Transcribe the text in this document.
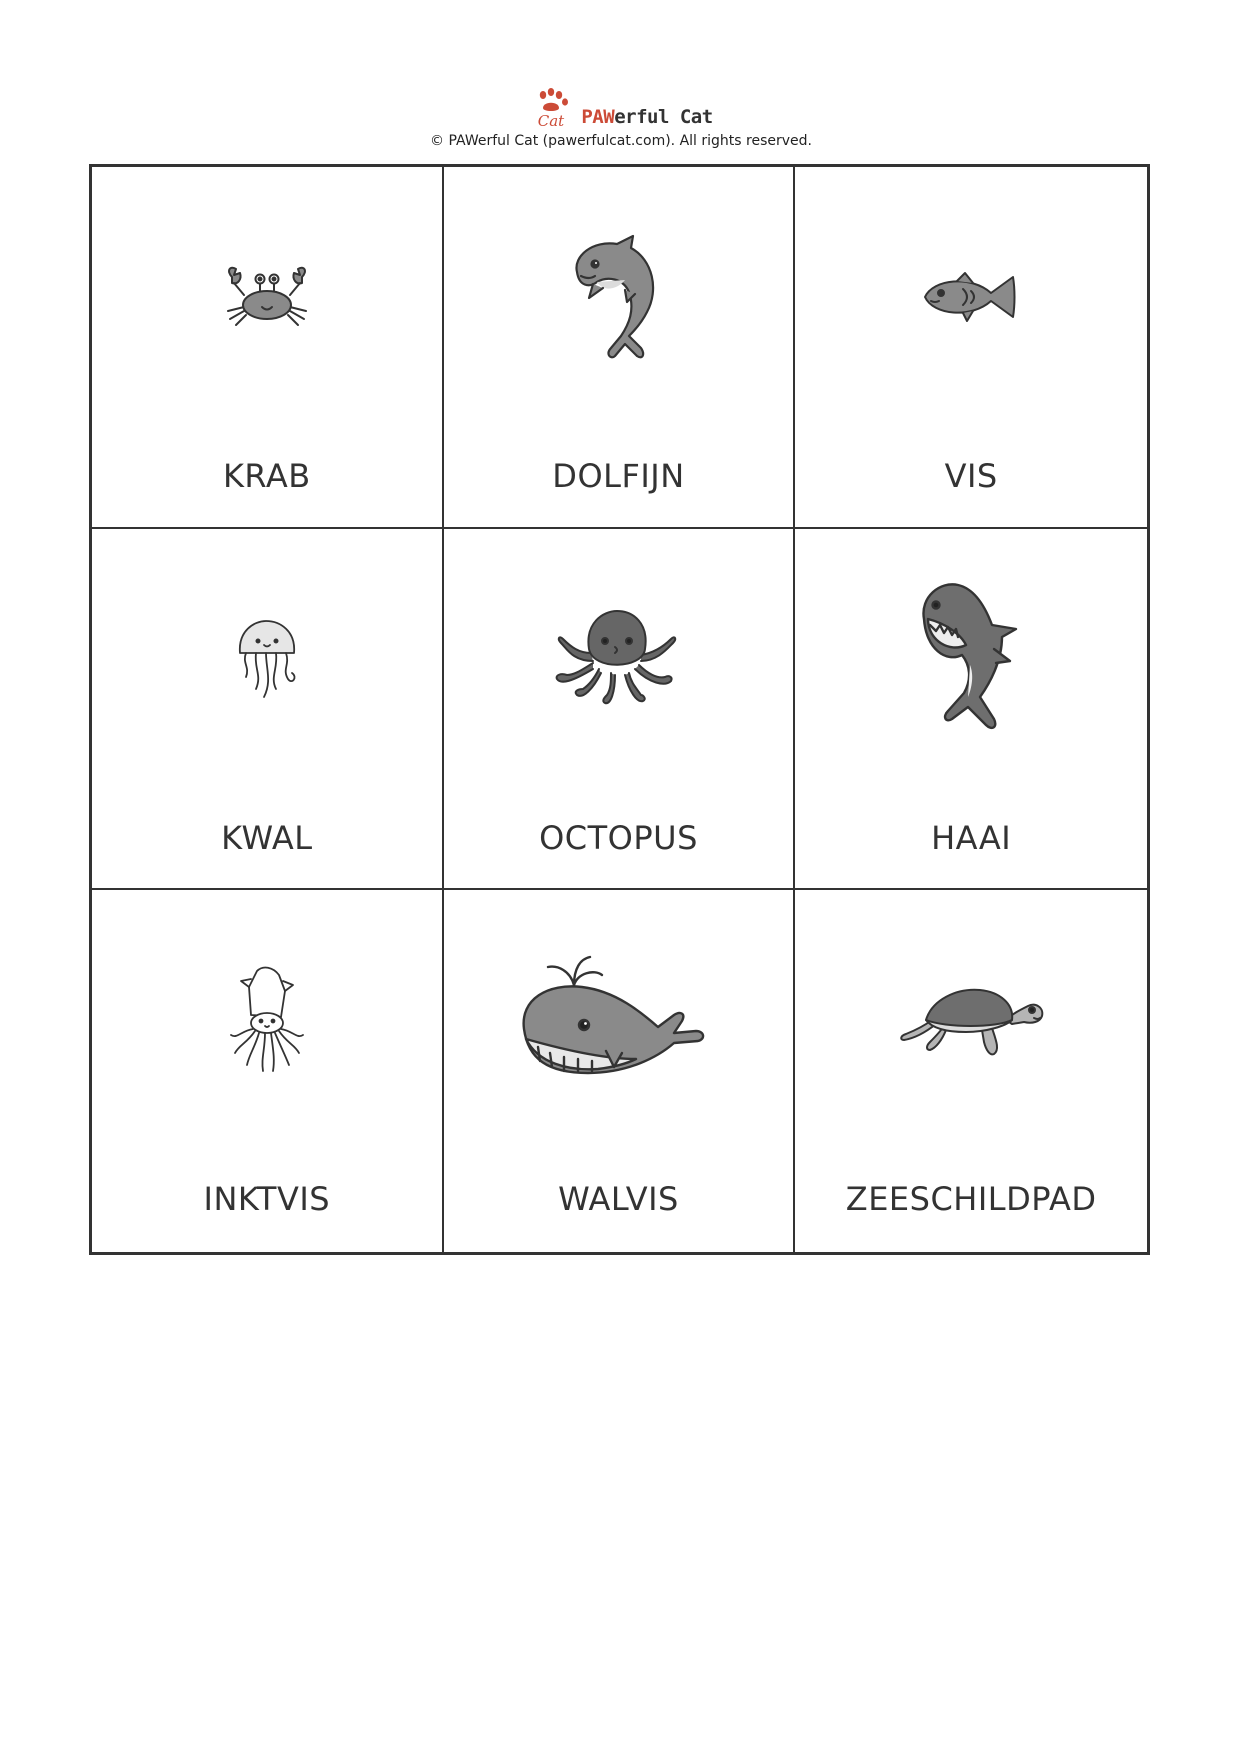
Cat PAWerful Cat
© PAWerful Cat (pawerfulcat.com). All rights reserved.
KRAB	DOLFIJN	VIS
KWAL	OCTOPUS	HAAI
INKTVIS	WALVIS	ZEESCHILDPAD
